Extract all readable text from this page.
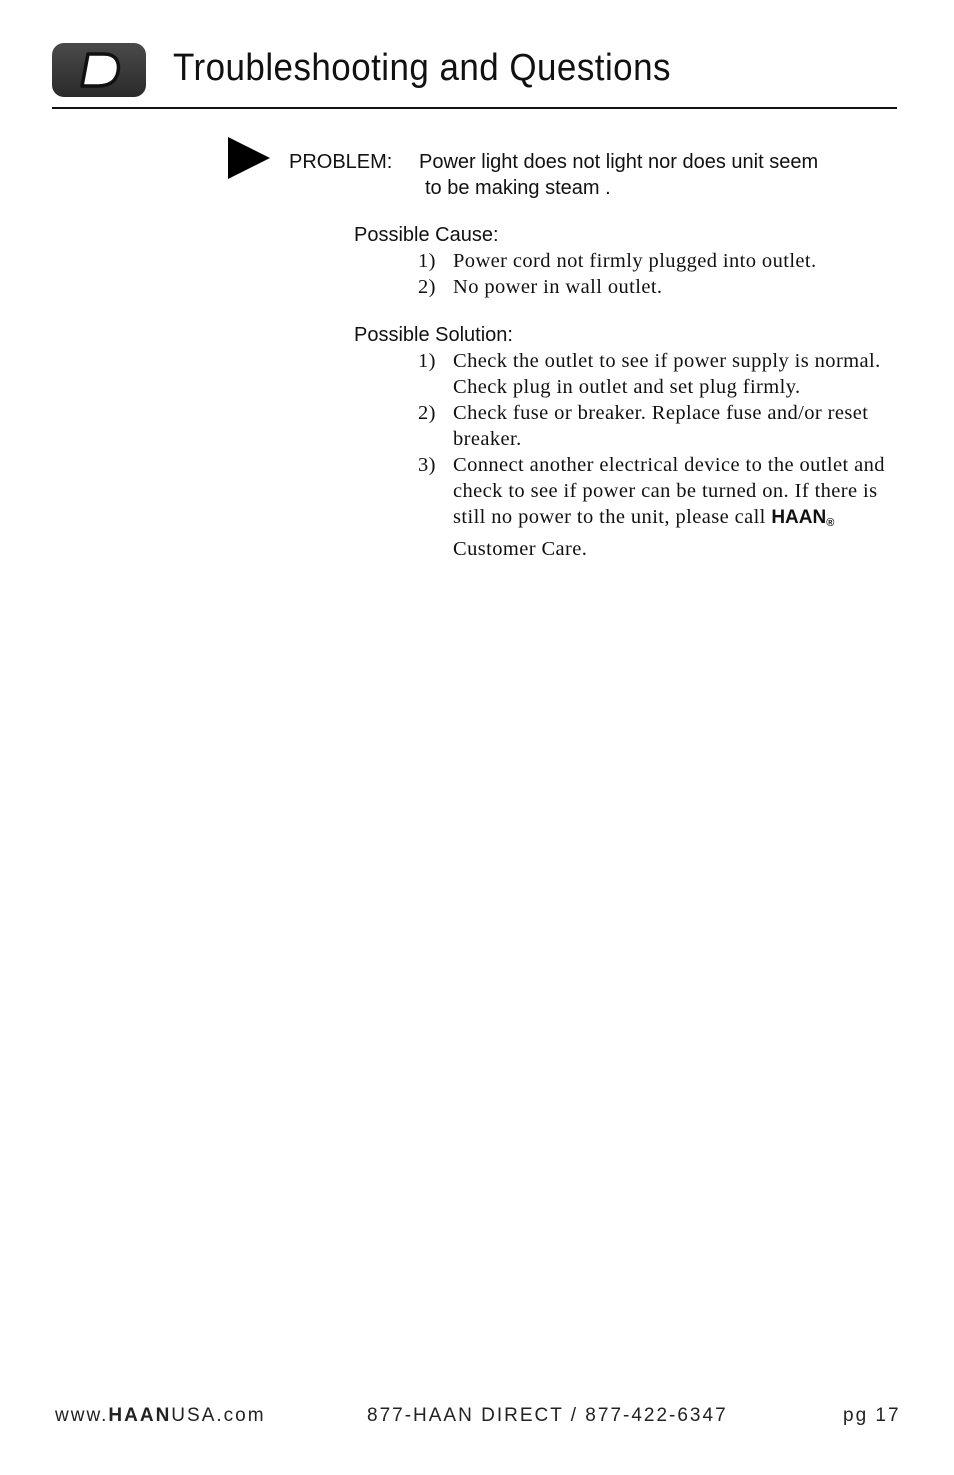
Troubleshooting and Questions
PROBLEM: Power light does not light nor does unit seem
to be making steam .
Possible Cause:
1) Power cord not firmly plugged into outlet.
2) No power in wall outlet.
Possible Solution:
1) Check the outlet to see if power supply is normal. Check plug in outlet and set plug firmly.
2) Check fuse or breaker. Replace fuse and/or reset breaker.
3) Connect another electrical device to the outlet and check to see if power can be turned on. If there is still no power to the unit, please call HAAN® Customer Care.
www.HAANUSA.com	877-HAAN DIRECT / 877-422-6347	pg 17
